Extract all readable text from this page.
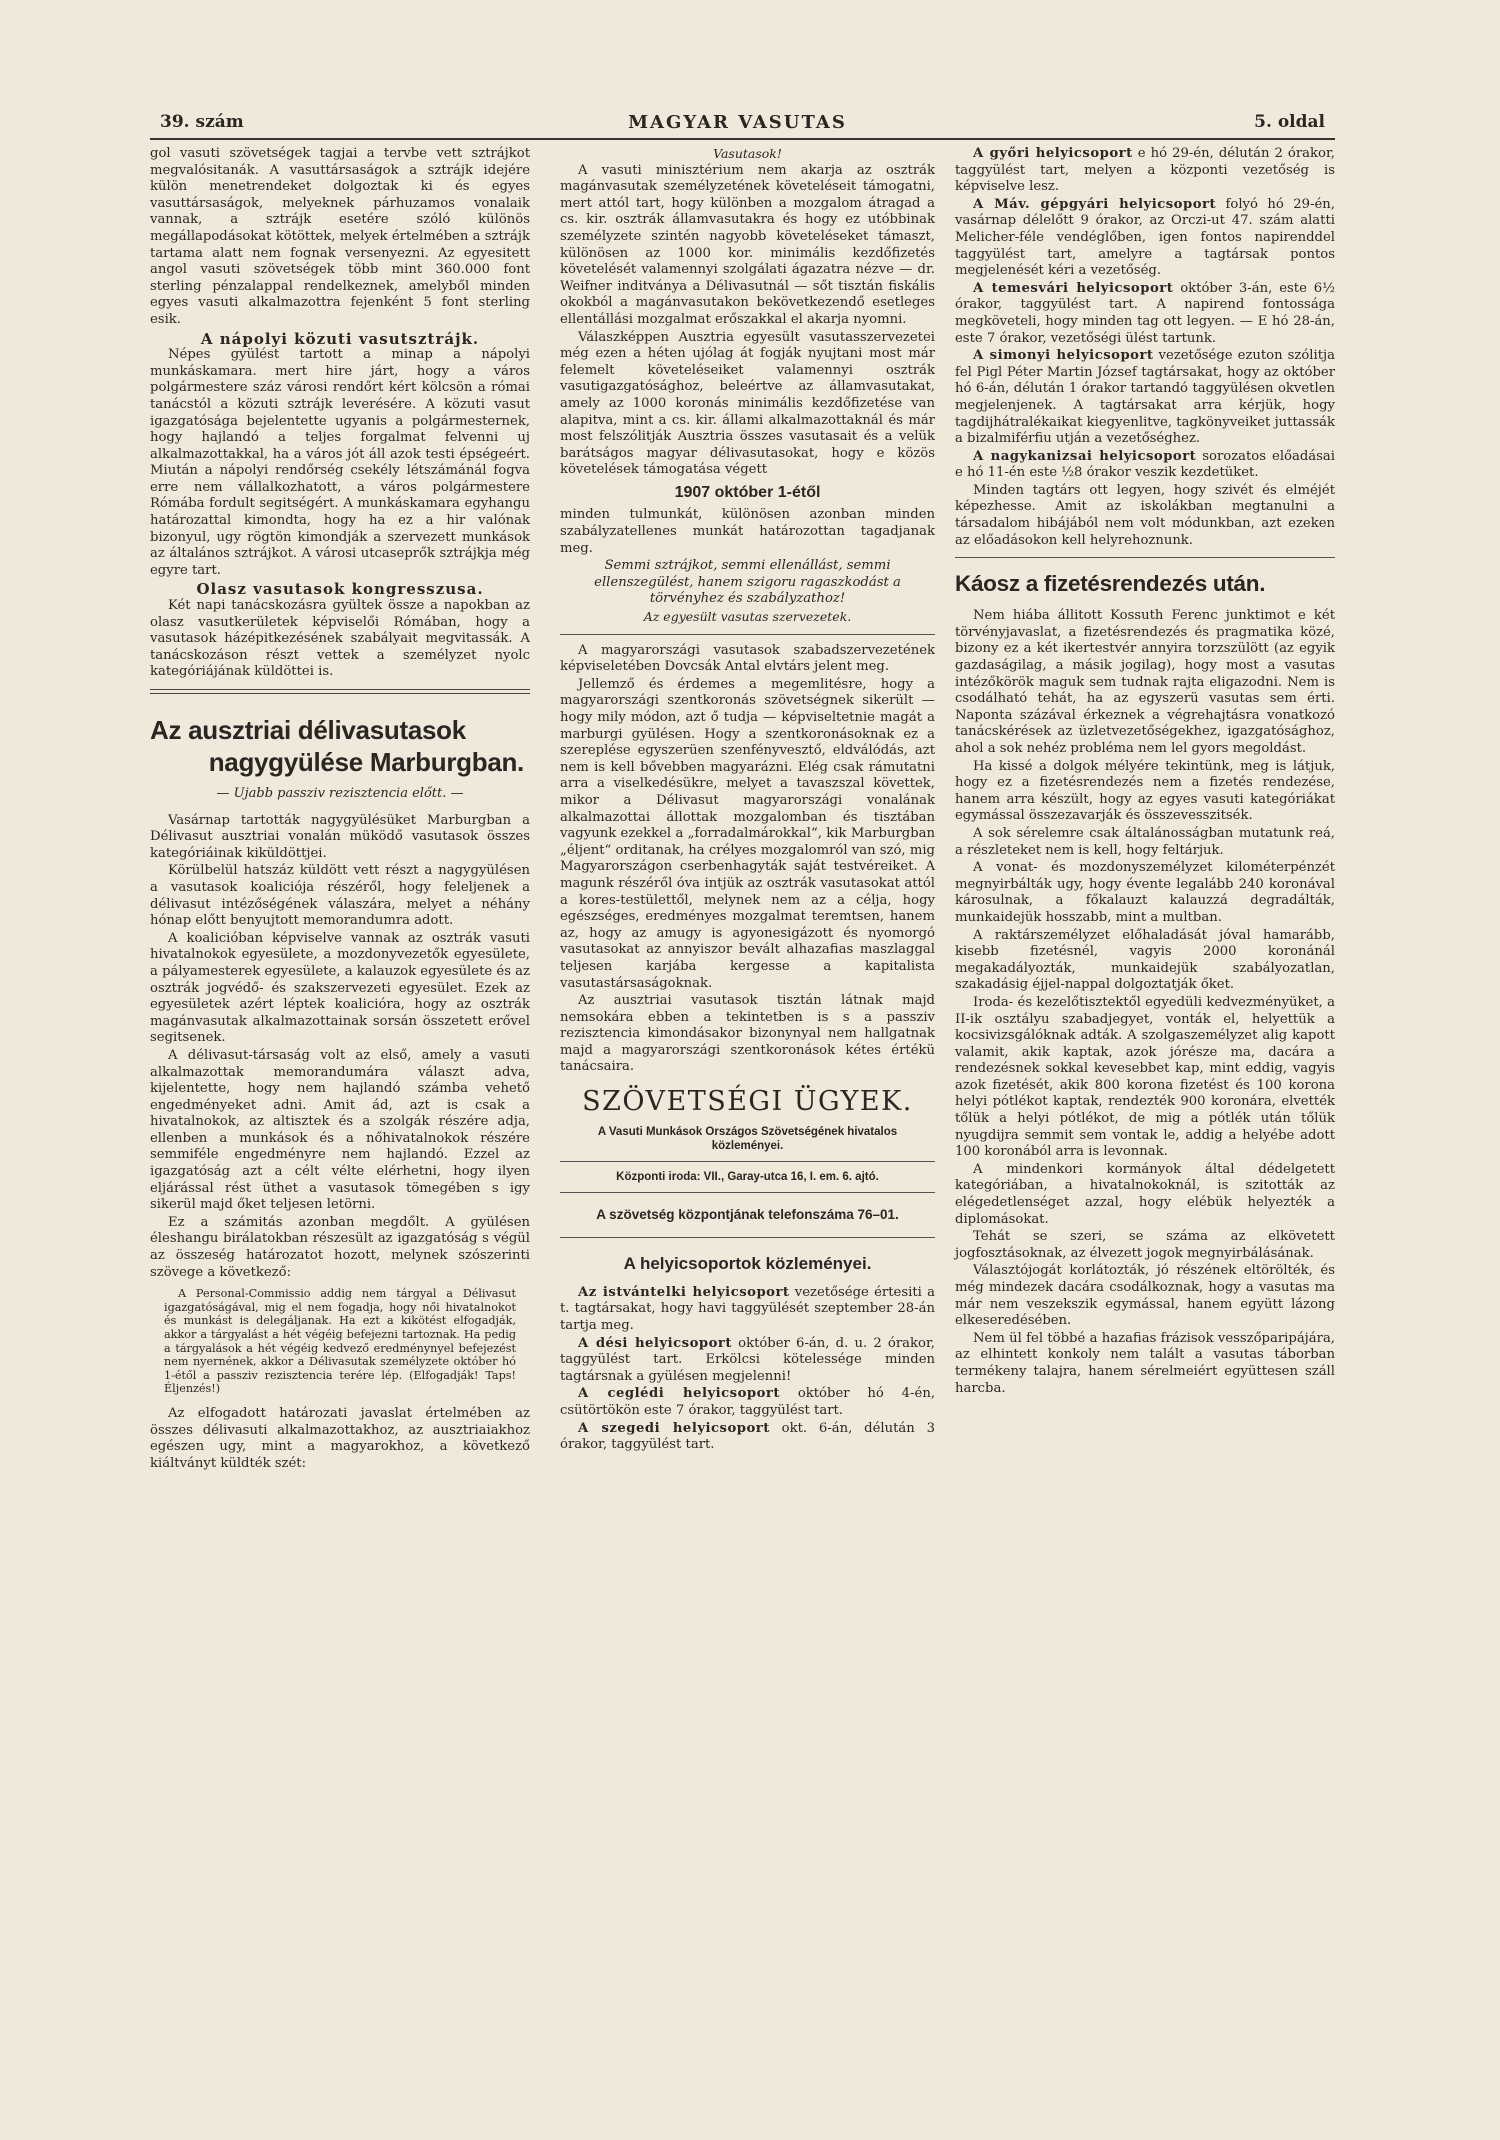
39. szám	MAGYAR VASUTAS	5. oldal

gol vasuti szövetségek tagjai a tervbe vett sztrájkot megvalósitanák. A vasuttársaságok a sztrájk idejére külön menetrendeket dolgoztak ki és egyes vasuttársaságok, melyeknek párhuzamos vonalaik vannak, a sztrájk esetére szóló különös megállapodásokat kötöttek, melyek értelmében a sztrájk tartama alatt nem fognak versenyezni. Az egyesitett angol vasuti szövetségek több mint 360.000 font sterling pénzalappal rendelkeznek, amelyből minden egyes vasuti alkalmazottra fejenként 5 font sterling esik.

A nápolyi közuti vasutsztrájk.

Népes gyülést tartott a minap a nápolyi munkáskamara. mert hire járt, hogy a város polgármestere száz városi rendőrt kért kölcsön a római tanácstól a közuti sztrájk leverésére. A közuti vasut igazgatósága bejelentette ugyanis a polgármesternek, hogy hajlandó a teljes forgalmat felvenni uj alkalmazottakkal, ha a város jót áll azok testi épségeért. Miután a nápolyi rendőrség csekély létszámánál fogva erre nem vállalkozhatott, a város polgármestere Rómába fordult segitségért. A munkáskamara egyhangu határozattal kimondta, hogy ha ez a hir valónak bizonyul, ugy rögtön kimondják a szervezett munkások az általános sztrájkot. A városi utcaseprők sztrájkja még egyre tart.

Olasz vasutasok kongresszusa.

Két napi tanácskozásra gyültek össze a napokban az olasz vasutkerületek képviselői Rómában, hogy a vasutasok házépitkezésének szabályait megvitassák. A tanácskozáson részt vettek a személyzet nyolc kategóriájának küldöttei is.

Az ausztriai délivasutasok
nagygyülése Marburgban.
— Ujabb passziv rezisztencia előtt. —

Vasárnap tartották nagygyülésüket Marburgban a Délivasut ausztriai vonalán müködő vasutasok összes kategóriáinak kiküldöttjei.

Körülbelül hatszáz küldött vett részt a nagygyülésen a vasutasok koaliciója részéről, hogy feleljenek a délivasut intézőségének válaszára, melyet a néhány hónap előtt benyujtott memorandumra adott.

A koalicióban képviselve vannak az osztrák vasuti hivatalnokok egyesülete, a mozdonyvezetők egyesülete, a pályamesterek egyesülete, a kalauzok egyesülete és az osztrák jogvédő- és szakszervezeti egyesület. Ezek az egyesületek azért léptek koalicióra, hogy az osztrák magánvasutak alkalmazottainak sorsán összetett erővel segitsenek.

A délivasut-társaság volt az első, amely a vasuti alkalmazottak memorandumára választ adva, kijelentette, hogy nem hajlandó számba vehető engedményeket adni. Amit ád, azt is csak a hivatalnokok, az altisztek és a szolgák részére adja, ellenben a munkások és a nőhivatalnokok részére semmiféle engedményre nem hajlandó. Ezzel az igazgatóság azt a célt vélte elérhetni, hogy ilyen eljárással rést üthet a vasutasok tömegében s igy sikerül majd őket teljesen letörni.

Ez a számitás azonban megdőlt. A gyülésen éleshangu birálatokban részesült az igazgatóság s végül az összeség határozatot hozott, melynek szószerinti szövege a következő:

A Personal-Commissio addig nem tárgyal a Délivasut igazgatóságával, mig el nem fogadja, hogy női hivatalnokot és munkást is delegáljanak. Ha ezt a kikötést elfogadják, akkor a tárgyalást a hét végéig befejezni tartoznak. Ha pedig a tárgyalások a hét végéig kedvező eredménynyel befejezést nem nyernének, akkor a Délivasutak személyzete október hó 1-étől a passziv rezisztencia terére lép. (Elfogadják! Taps! Éljenzés!)

Az elfogadott határozati javaslat értelmében az összes délivasuti alkalmazottakhoz, az ausztriaiakhoz egészen ugy, mint a magyarokhoz, a következő kiáltványt küldték szét:

Vasutasok!

A vasuti minisztérium nem akarja az osztrák magánvasutak személyzetének követeléseit támogatni, mert attól tart, hogy különben a mozgalom átragad a cs. kir. osztrák államvasutakra és hogy ez utóbbinak személyzete szintén nagyobb követeléseket támaszt, különösen az 1000 kor. minimális kezdőfizetés követelését valamennyi szolgálati ágazatra nézve — dr. Weifner inditványa a Délivasutnál — sőt tisztán fiskális okokból a magánvasutakon bekövetkezendő esetleges ellentállási mozgalmat erőszakkal el akarja nyomni.

Válaszképpen Ausztria egyesült vasutasszervezetei még ezen a héten ujólag át fogják nyujtani most már felemelt követeléseiket valamennyi osztrák vasutigazgatósághoz, beleértve az államvasutakat, amely az 1000 koronás minimális kezdőfizetése van alapitva, mint a cs. kir. állami alkalmazottaknál és már most felszólitják Ausztria összes vasutasait és a velük barátságos magyar délivasutasokat, hogy e közös követelések támogatása végett

1907 október 1-étől

minden tulmunkát, különösen azonban minden szabályzatellenes munkát határozottan tagadjanak meg.

Semmi sztrájkot, semmi ellenállást, semmi ellenszegülést, hanem szigoru ragaszkodást a törvényhez és szabályzathoz!

Az egyesült vasutas szervezetek.

A magyarországi vasutasok szabadszervezetének képviseletében Dovcsák Antal elvtárs jelent meg.

Jellemző és érdemes a megemlitésre, hogy a magyarországi szentkoronás szövetségnek sikerült — hogy mily módon, azt ő tudja — képviseltetnie magát a marburgi gyülésen. Hogy a szentkoronásoknak ez a szereplése egyszerüen szenfényvesztő, eldválódás, azt nem is kell bővebben magyarázni. Elég csak rámutatni arra a viselkedésükre, melyet a tavaszszal követtek, mikor a Délivasut magyarországi vonalának alkalmazottai állottak mozgalomban és tisztában vagyunk ezekkel a „forradalmárokkal“, kik Marburgban „éljent“ orditanak, ha crélyes mozgalomról van szó, mig Magyarországon cserbenhagyták saját testvéreiket. A magunk részéről óva intjük az osztrák vasutasokat attól a kores-testülettől, melynek nem az a célja, hogy egészséges, eredményes mozgalmat teremtsen, hanem az, hogy az amugy is agyonesigázott és nyomorgó vasutasokat az annyiszor bevált alhazafias maszlaggal teljesen karjába kergesse a kapitalista vasutastársaságoknak.

Az ausztriai vasutasok tisztán látnak majd nemsokára ebben a tekintetben is s a passziv rezisztencia kimondásakor bizonynyal nem hallgatnak majd a magyarországi szentkoronások kétes értékü tanácsaira.

SZÖVETSÉGI ÜGYEK.
A Vasuti Munkások Országos Szövetségének hivatalos közleményei.
Központi iroda: VII., Garay-utca 16, I. em. 6. ajtó.
A szövetség központjának telefonszáma 76–01.
A helyicsoportok közleményei.

Az istvántelki helyicsoport vezetősége értesiti a t. tagtársakat, hogy havi taggyülését szeptember 28-án tartja meg.

A dési helyicsoport október 6-án, d. u. 2 órakor, taggyülést tart. Erkölcsi kötelessége minden tagtársnak a gyülésen megjelenni!

A ceglédi helyicsoport október hó 4-én, csütörtökön este 7 órakor, taggyülést tart.

A szegedi helyicsoport okt. 6-án, délután 3 órakor, taggyülést tart.

A győri helyicsoport e hó 29-én, délután 2 órakor, taggyülést tart, melyen a központi vezetőség is képviselve lesz.

A Máv. gépgyári helyicsoport folyó hó 29-én, vasárnap délelőtt 9 órakor, az Orczi-ut 47. szám alatti Melicher-féle vendéglőben, igen fontos napirenddel taggyülést tart, amelyre a tagtársak pontos megjelenését kéri a vezetőség.

A temesvári helyicsoport október 3-án, este 6½ órakor, taggyülést tart. A napirend fontossága megköveteli, hogy minden tag ott legyen. — E hó 28-án, este 7 órakor, vezetőségi ülést tartunk.

A simonyi helyicsoport vezetősége ezuton szólitja fel Pigl Péter Martin József tagtársakat, hogy az október hó 6-án, délután 1 órakor tartandó taggyülésen okvetlen megjelenjenek. A tagtársakat arra kérjük, hogy tagdijhátralékaikat kiegyenlitve, tagkönyveiket juttassák a bizalmiférfiu utján a vezetőséghez.

A nagykanizsai helyicsoport sorozatos előadásai e hó 11-én este ½8 órakor veszik kezdetüket.

Minden tagtárs ott legyen, hogy szivét és elméjét képezhesse. Amit az iskolákban megtanulni a társadalom hibájából nem volt módunkban, azt ezeken az előadásokon kell helyrehoznunk.

Káosz a fizetésrendezés után.

Nem hiába állitott Kossuth Ferenc junktimot e két törvényjavaslat, a fizetésrendezés és pragmatika közé, bizony ez a két ikertestvér annyira torzszülött (az egyik gazdaságilag, a másik jogilag), hogy most a vasutas intézőkörök maguk sem tudnak rajta eligazodni. Nem is csodálható tehát, ha az egyszerü vasutas sem érti. Naponta százával érkeznek a végrehajtásra vonatkozó tanácskérések az üzletvezetőségekhez, igazgatósághoz, ahol a sok nehéz probléma nem lel gyors megoldást.

Ha kissé a dolgok mélyére tekintünk, meg is látjuk, hogy ez a fizetésrendezés nem a fizetés rendezése, hanem arra készült, hogy az egyes vasuti kategóriákat egymással összezavarják és összevesszitsék.

A sok sérelemre csak általánosságban mutatunk reá, a részleteket nem is kell, hogy feltárjuk.

A vonat- és mozdonyszemélyzet kilométerpénzét megnyirbálták ugy, hogy évente legalább 240 koronával károsulnak, a főkalauzt kalauzzá degradálták, munkaidejük hosszabb, mint a multban.

A raktárszemélyzet előhaladását jóval hamarább, kisebb fizetésnél, vagyis 2000 koronánál megakadályozták, munkaidejük szabályozatlan, szakadásig éjjel-nappal dolgoztatják őket.

Iroda- és kezelőtisztektől egyedüli kedvezményüket, a II-ik osztályu szabadjegyet, vonták el, helyettük a kocsivizsgálóknak adták. A szolgaszemélyzet alig kapott valamit, akik kaptak, azok jórésze ma, dacára a rendezésnek sokkal kevesebbet kap, mint eddig, vagyis azok fizetését, akik 800 korona fizetést és 100 korona helyi pótlékot kaptak, rendezték 900 koronára, elvették tőlük a helyi pótlékot, de mig a pótlék után tőlük nyugdijra semmit sem vontak le, addig a helyébe adott 100 koronából arra is levonnak.

A mindenkori kormányok által dédelgetett kategóriában, a hivatalnokoknál, is szitották az elégedetlenséget azzal, hogy elébük helyezték a diplomásokat.

Tehát se szeri, se száma az elkövetett jogfosztásoknak, az élvezett jogok megnyirbálásának.

Választójogát korlátozták, jó részének eltörölték, és még mindezek dacára csodálkoznak, hogy a vasutas ma már nem veszekszik egymással, hanem együtt lázong elkeseredésében.

Nem ül fel többé a hazafias frázisok vesszőparipájára, az elhintett konkoly nem talált a vasutas táborban termékeny talajra, hanem sérelmeiért együttesen száll harcba.
